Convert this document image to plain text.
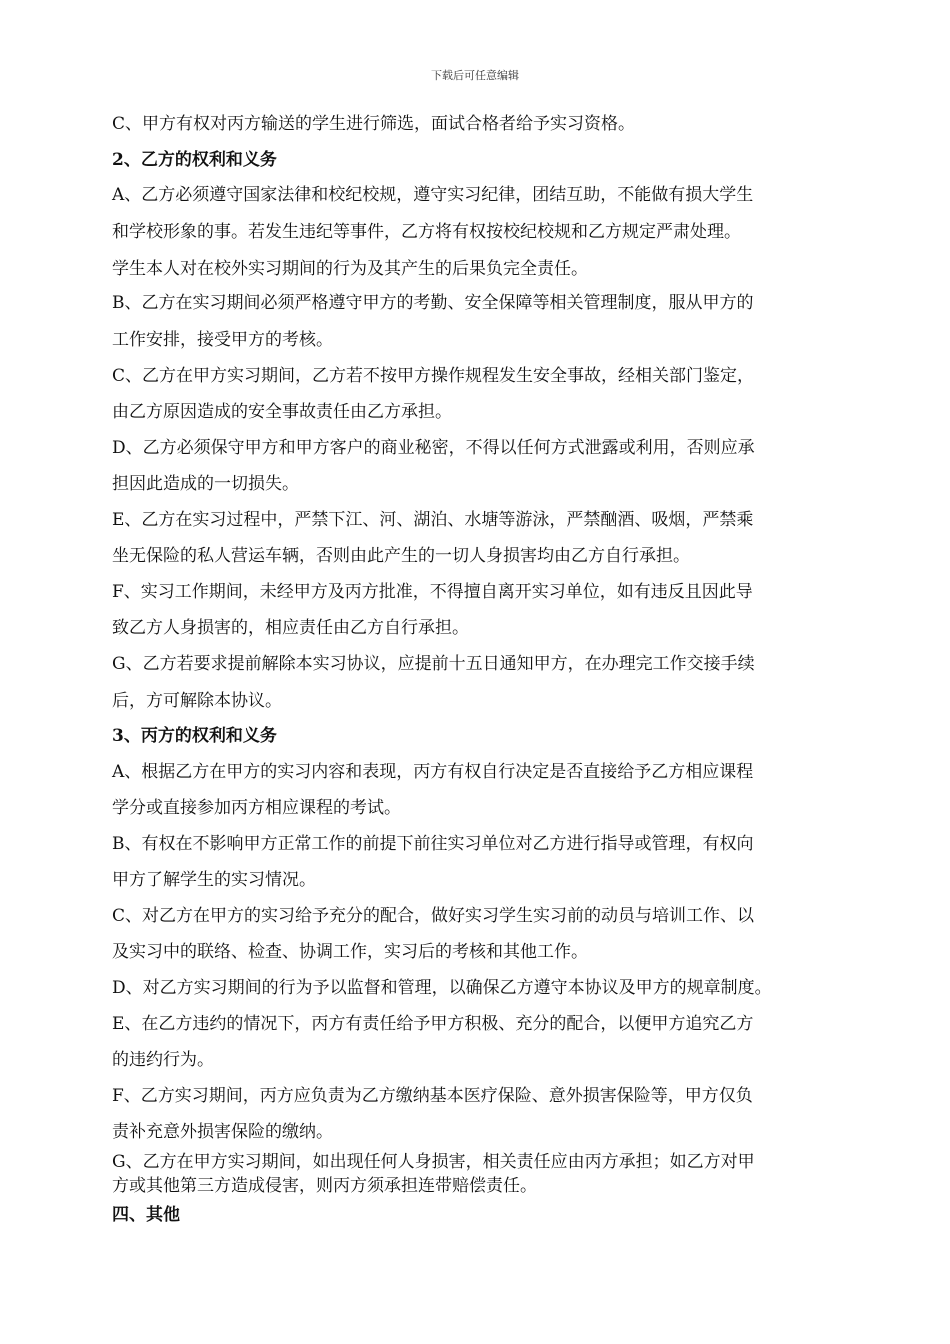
下载后可任意编辑
C、甲方有权对丙方输送的学生进行筛选，面试合格者给予实习资格。
2、乙方的权利和义务
A、乙方必须遵守国家法律和校纪校规，遵守实习纪律，团结互助，不能做有损大学生
和学校形象的事。若发生违纪等事件，乙方将有权按校纪校规和乙方规定严肃处理。
学生本人对在校外实习期间的行为及其产生的后果负完全责任。
B、乙方在实习期间必须严格遵守甲方的考勤、安全保障等相关管理制度，服从甲方的
工作安排，接受甲方的考核。
C、乙方在甲方实习期间，乙方若不按甲方操作规程发生安全事故，经相关部门鉴定，
由乙方原因造成的安全事故责任由乙方承担。
D、乙方必须保守甲方和甲方客户的商业秘密，不得以任何方式泄露或利用，否则应承
担因此造成的一切损失。
E、乙方在实习过程中，严禁下江、河、湖泊、水塘等游泳，严禁酗酒、吸烟，严禁乘
坐无保险的私人营运车辆，否则由此产生的一切人身损害均由乙方自行承担。
F、实习工作期间，未经甲方及丙方批准，不得擅自离开实习单位，如有违反且因此导
致乙方人身损害的，相应责任由乙方自行承担。
G、乙方若要求提前解除本实习协议，应提前十五日通知甲方，在办理完工作交接手续
后，方可解除本协议。
3、丙方的权利和义务
A、根据乙方在甲方的实习内容和表现，丙方有权自行决定是否直接给予乙方相应课程
学分或直接参加丙方相应课程的考试。
B、有权在不影响甲方正常工作的前提下前往实习单位对乙方进行指导或管理，有权向
甲方了解学生的实习情况。
C、对乙方在甲方的实习给予充分的配合，做好实习学生实习前的动员与培训工作、以
及实习中的联络、检查、协调工作，实习后的考核和其他工作。
D、对乙方实习期间的行为予以监督和管理，以确保乙方遵守本协议及甲方的规章制度。
E、在乙方违约的情况下，丙方有责任给予甲方积极、充分的配合，以便甲方追究乙方
的违约行为。
F、乙方实习期间，丙方应负责为乙方缴纳基本医疗保险、意外损害保险等，甲方仅负
责补充意外损害保险的缴纳。
G、乙方在甲方实习期间，如出现任何人身损害，相关责任应由丙方承担；如乙方对甲
方或其他第三方造成侵害，则丙方须承担连带赔偿责任。
四、其他
